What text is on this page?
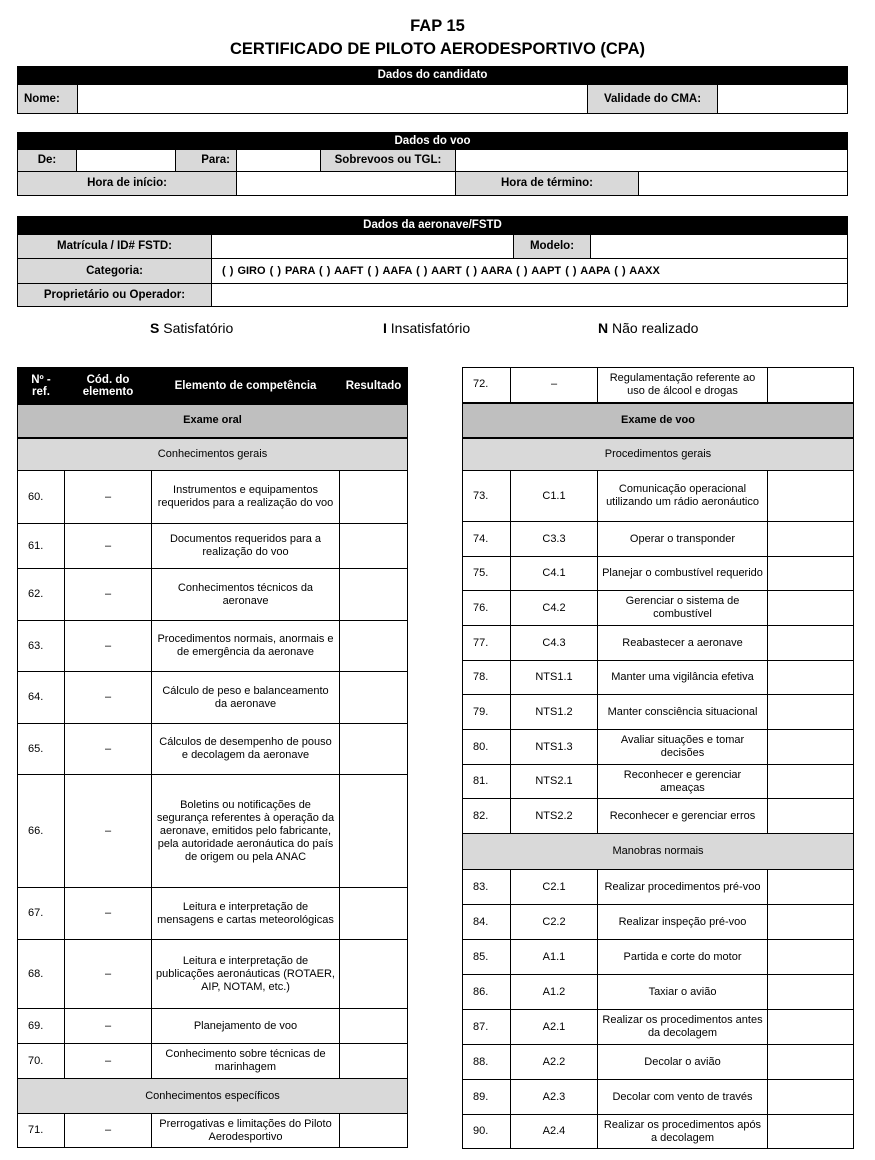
FAP 15
CERTIFICADO DE PILOTO AERODESPORTIVO (CPA)
Dados do candidato
Nome:		Validade do CMA:	
Dados do voo						
De:		Para:		Sobrevoos ou TGL:		
Hora de início:					Hora de término:	
Dados da aeronave/FSTD			
Matrícula / ID# FSTD:		Modelo:	
Categoria:	( ) GIRO ( ) PARA ( ) AAFT ( ) AAFA ( ) AART ( ) AARA ( ) AAPT ( ) AAPA ( ) AAXX		
Proprietário ou Operador:			
S Satisfatório	I Insatisfatório	N Não realizado
Nº - ref.	Cód. do elemento	Elemento de competência	Resultado
Exame oral			
Conhecimentos gerais			
60.	–	Instrumentos e equipamentos requeridos para a realização do voo	
61.	–	Documentos requeridos para a realização do voo	
62.	–	Conhecimentos técnicos da aeronave	
63.	–	Procedimentos normais, anormais e de emergência da aeronave	
64.	–	Cálculo de peso e balanceamento da aeronave	
65.	–	Cálculos de desempenho de pouso e decolagem da aeronave	
66.	–	Boletins ou notificações de segurança referentes à operação da aeronave, emitidos pelo fabricante, pela autoridade aeronáutica do país de origem ou pela ANAC	
67.	–	Leitura e interpretação de mensagens e cartas meteorológicas	
68.	–	Leitura e interpretação de publicações aeronáuticas (ROTAER, AIP, NOTAM, etc.)	
69.	–	Planejamento de voo	
70.	–	Conhecimento sobre técnicas de marinhagem	
Conhecimentos específicos			
71.	–	Prerrogativas e limitações do Piloto Aerodesportivo	
72.	–	Regulamentação referente ao uso de álcool e drogas	
Exame de voo			
Procedimentos gerais			
73.	C1.1	Comunicação operacional utilizando um rádio aeronáutico	
74.	C3.3	Operar o transponder	
75.	C4.1	Planejar o combustível requerido	
76.	C4.2	Gerenciar o sistema de combustível	
77.	C4.3	Reabastecer a aeronave	
78.	NTS1.1	Manter uma vigilância efetiva	
79.	NTS1.2	Manter consciência situacional	
80.	NTS1.3	Avaliar situações e tomar decisões	
81.	NTS2.1	Reconhecer e gerenciar ameaças	
82.	NTS2.2	Reconhecer e gerenciar erros	
Manobras normais			
83.	C2.1	Realizar procedimentos pré-voo	
84.	C2.2	Realizar inspeção pré-voo	
85.	A1.1	Partida e corte do motor	
86.	A1.2	Taxiar o avião	
87.	A2.1	Realizar os procedimentos antes da decolagem	
88.	A2.2	Decolar o avião	
89.	A2.3	Decolar com vento de través	
90.	A2.4	Realizar os procedimentos após a decolagem	
